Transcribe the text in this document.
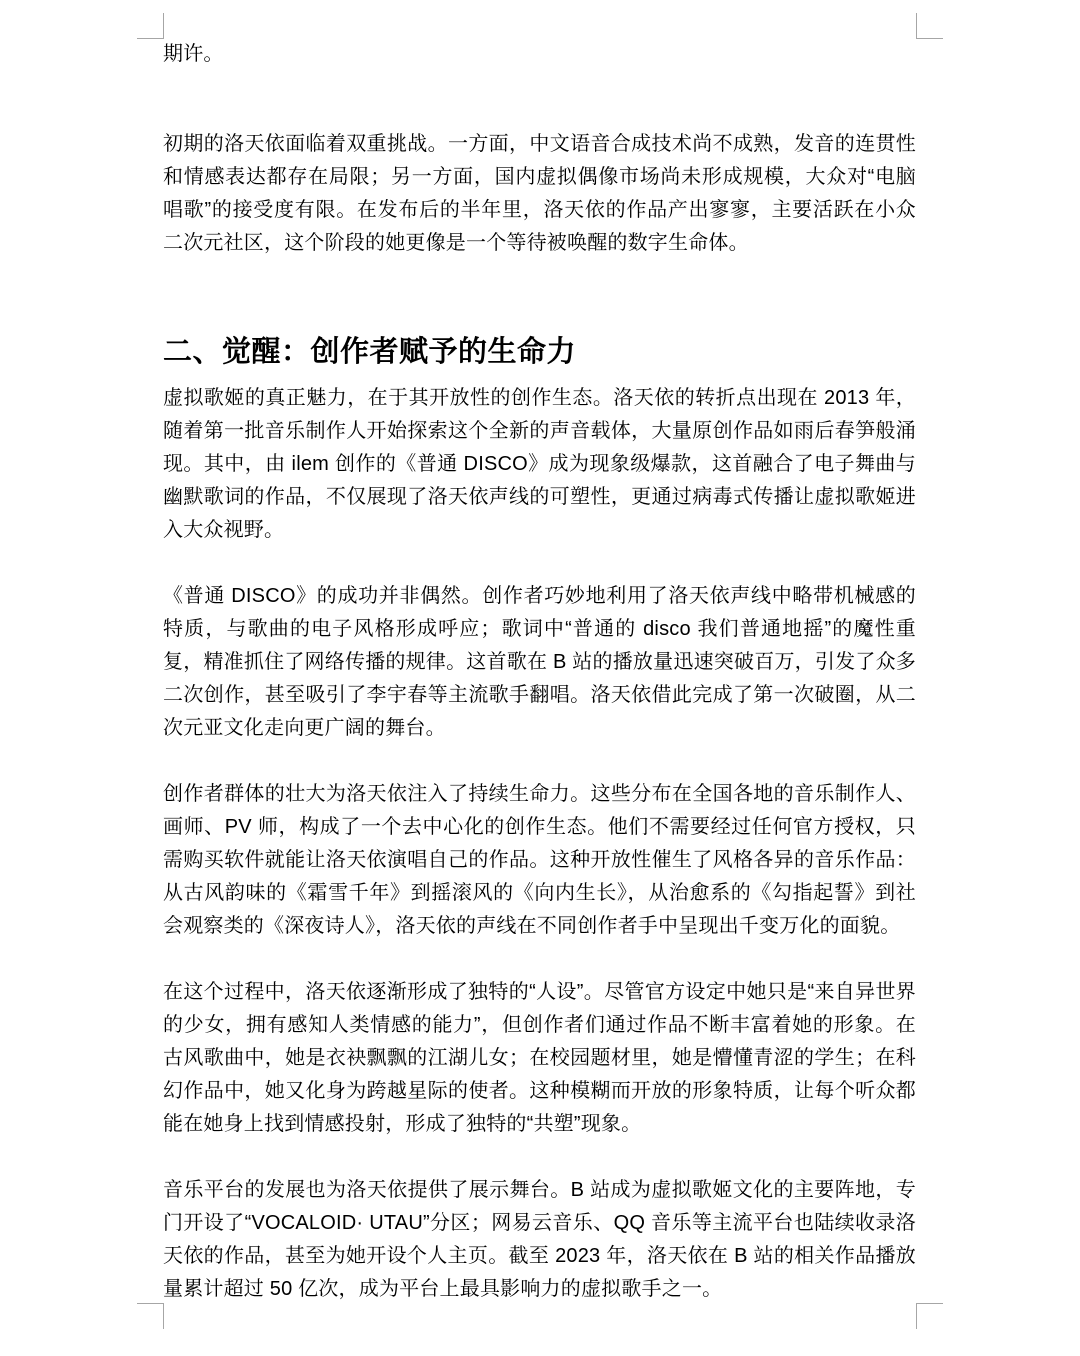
期许。

初期的洛天依面临着双重挑战。一方面，中文语音合成技术尚不成熟，发音的连贯性和情感表达都存在局限；另一方面，国内虚拟偶像市场尚未形成规模，大众对“电脑唱歌”的接受度有限。在发布后的半年里，洛天依的作品产出寥寥，主要活跃在小众二次元社区，这个阶段的她更像是一个等待被唤醒的数字生命体。

二、觉醒：创作者赋予的生命力

虚拟歌姬的真正魅力，在于其开放性的创作生态。洛天依的转折点出现在 2013 年，随着第一批音乐制作人开始探索这个全新的声音载体，大量原创作品如雨后春笋般涌现。其中，由 ilem 创作的《普通 DISCO》成为现象级爆款，这首融合了电子舞曲与幽默歌词的作品，不仅展现了洛天依声线的可塑性，更通过病毒式传播让虚拟歌姬进入大众视野。

《普通 DISCO》的成功并非偶然。创作者巧妙地利用了洛天依声线中略带机械感的特质，与歌曲的电子风格形成呼应；歌词中“普通的 disco 我们普通地摇”的魔性重复，精准抓住了网络传播的规律。这首歌在 B 站的播放量迅速突破百万，引发了众多二次创作，甚至吸引了李宇春等主流歌手翻唱。洛天依借此完成了第一次破圈，从二次元亚文化走向更广阔的舞台。

创作者群体的壮大为洛天依注入了持续生命力。这些分布在全国各地的音乐制作人、画师、PV 师，构成了一个去中心化的创作生态。他们不需要经过任何官方授权，只需购买软件就能让洛天依演唱自己的作品。这种开放性催生了风格各异的音乐作品：从古风韵味的《霜雪千年》到摇滚风的《向内生长》，从治愈系的《勾指起誓》到社会观察类的《深夜诗人》，洛天依的声线在不同创作者手中呈现出千变万化的面貌。

在这个过程中，洛天依逐渐形成了独特的“人设”。尽管官方设定中她只是“来自异世界的少女，拥有感知人类情感的能力”，但创作者们通过作品不断丰富着她的形象。在古风歌曲中，她是衣袂飘飘的江湖儿女；在校园题材里，她是懵懂青涩的学生；在科幻作品中，她又化身为跨越星际的使者。这种模糊而开放的形象特质，让每个听众都能在她身上找到情感投射，形成了独特的“共塑”现象。

音乐平台的发展也为洛天依提供了展示舞台。B 站成为虚拟歌姬文化的主要阵地，专门开设了“VOCALOID· UTAU”分区；网易云音乐、QQ 音乐等主流平台也陆续收录洛天依的作品，甚至为她开设个人主页。截至 2023 年，洛天依在 B 站的相关作品播放量累计超过 50 亿次，成为平台上最具影响力的虚拟歌手之一。
